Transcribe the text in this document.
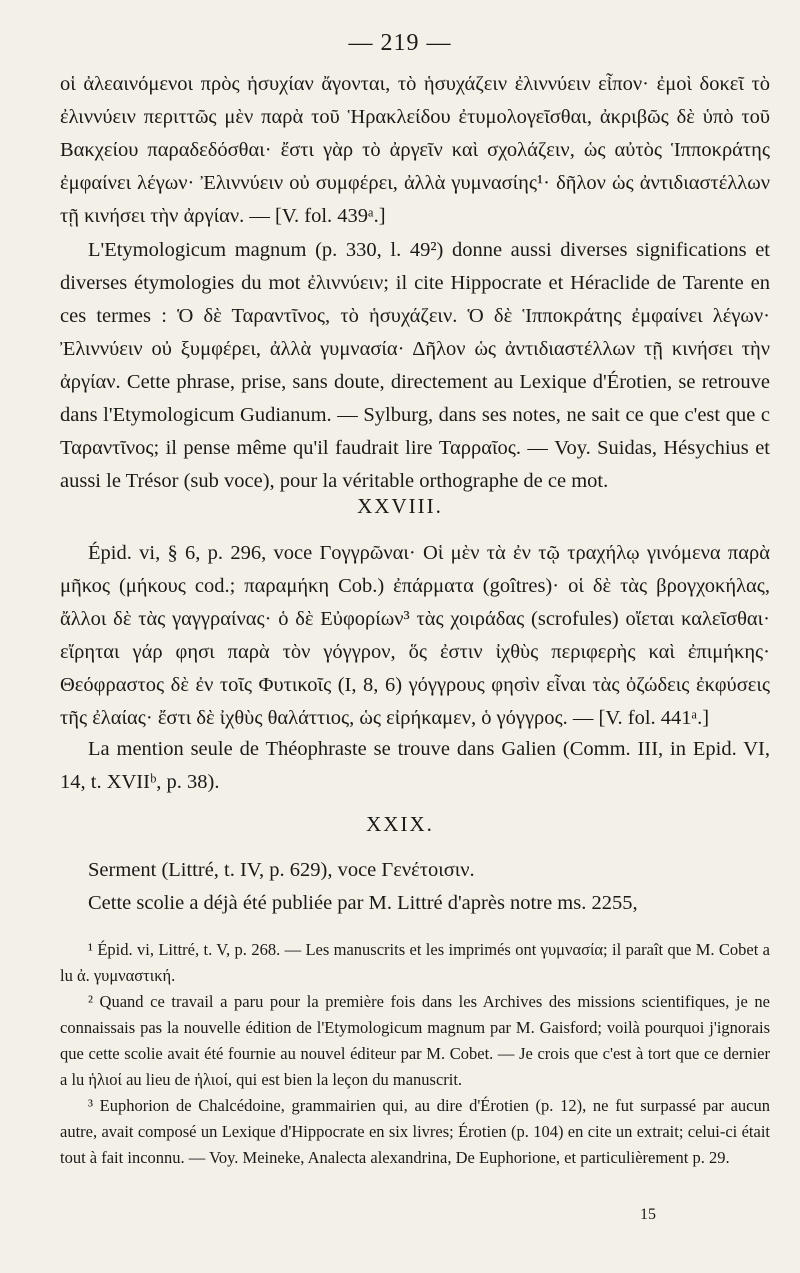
— 219 —

οἱ ἀλεαινόμενοι πρὸς ἡσυχίαν ἄγονται, τὸ ἡσυχάζειν ἐλιννύειν εἶπον· ἐμοὶ δοκεῖ τὸ ἐλιννύειν περιττῶς μὲν παρὰ τοῦ Ἡρακλείδου ἐτυμολογεῖσθαι, ἀκριβῶς δὲ ὑπὸ τοῦ Βακχείου παραδεδόσθαι· ἔστι γὰρ τὸ ἀργεῖν καὶ σχολάζειν, ὡς αὐτὸς Ἱπποκράτης ἐμφαίνει λέγων· Ἐλιννύειν οὐ συμφέρει, ἀλλὰ γυμνασίης¹· δῆλον ὡς ἀντιδιαστέλλων τῇ κινήσει τὴν ἀργίαν. — [V. fol. 439ᵃ.]

L'Etymologicum magnum (p. 330, l. 49²) donne aussi diverses significations et diverses étymologies du mot ἐλιννύειν; il cite Hippocrate et Héraclide de Tarente en ces termes : Ὁ δὲ Ταραντῖνος, τὸ ἡσυχάζειν. Ὁ δὲ Ἱπποκράτης ἐμφαίνει λέγων· Ἐλιννύειν οὐ ξυμφέρει, ἀλλὰ γυμνασία· Δῆλον ὡς ἀντιδιαστέλλων τῇ κινήσει τὴν ἀργίαν. Cette phrase, prise, sans doute, directement au Lexique d'Érotien, se retrouve dans l'Etymologicum Gudianum. — Sylburg, dans ses notes, ne sait ce que c'est que c Ταραντῖνος; il pense même qu'il faudrait lire Ταρραῖος. — Voy. Suidas, Hésychius et aussi le Trésor (sub voce), pour la véritable orthographe de ce mot.

XXVIII.

Épid. vi, § 6, p. 296, voce Γογγρῶναι· Οἱ μὲν τὰ ἐν τῷ τραχήλῳ γινόμενα παρὰ μῆκος (μήκους cod.; παραμήκη Cob.) ἐπάρματα (goîtres)· οἱ δὲ τὰς βρογχοκήλας, ἄλλοι δὲ τὰς γαγγραίνας· ὁ δὲ Εὐφορίων³ τὰς χοιράδας (scrofules) οἴεται καλεῖσθαι· εἴρηται γάρ φησι παρὰ τὸν γόγγρον, ὅς ἐστιν ἰχθὺς περιφερὴς καὶ ἐπιμήκης· Θεόφραστος δὲ ἐν τοῖς Φυτικοῖς (I, 8, 6) γόγγρους φησὶν εἶναι τὰς ὀζώδεις ἐκφύσεις τῆς ἐλαίας· ἔστι δὲ ἰχθὺς θαλάττιος, ὡς εἰρήκαμεν, ὁ γόγγρος. — [V. fol. 441ᵃ.]

La mention seule de Théophraste se trouve dans Galien (Comm. III, in Epid. VI, 14, t. XVIIᵇ, p. 38).

XXIX.

Serment (Littré, t. IV, p. 629), voce Γενέτοισιν.

Cette scolie a déjà été publiée par M. Littré d'après notre ms. 2255,

¹ Épid. vi, Littré, t. V, p. 268. — Les manuscrits et les imprimés ont γυμνασία; il paraît que M. Cobet a lu ἀ. γυμναστική.

² Quand ce travail a paru pour la première fois dans les Archives des missions scientifiques, je ne connaissais pas la nouvelle édition de l'Etymologicum magnum par M. Gaisford; voilà pourquoi j'ignorais que cette scolie avait été fournie au nouvel éditeur par M. Cobet. — Je crois que c'est à tort que ce dernier a lu ἡλιοί au lieu de ἡλιοί, qui est bien la leçon du manuscrit.

³ Euphorion de Chalcédoine, grammairien qui, au dire d'Érotien (p. 12), ne fut surpassé par aucun autre, avait composé un Lexique d'Hippocrate en six livres; Érotien (p. 104) en cite un extrait; celui-ci était tout à fait inconnu. — Voy. Meineke, Analecta alexandrina, De Euphorione, et particulièrement p. 29.

15
